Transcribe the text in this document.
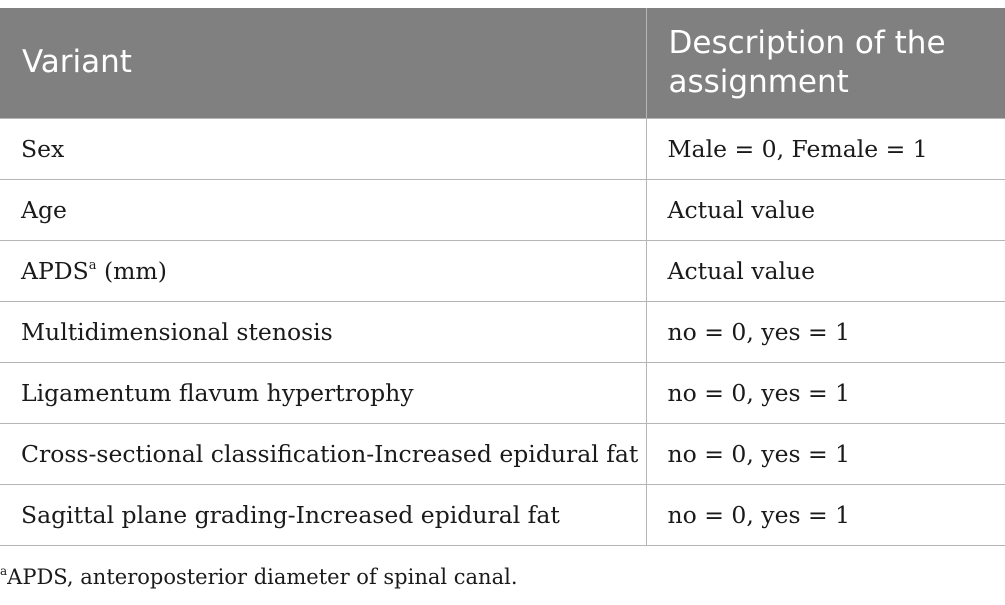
Variant	Description of the assignment
Sex	Male = 0, Female = 1
Age	Actual value
APDS$^a$ (mm)	Actual value
Multidimensional stenosis	no = 0, yes = 1
Ligamentum flavum hypertrophy	no = 0, yes = 1
Cross-sectional classification-Increased epidural fat	no = 0, yes = 1
Sagittal plane grading-Increased epidural fat	no = 0, yes = 1
$^a$APDS, anteroposterior diameter of spinal canal.
